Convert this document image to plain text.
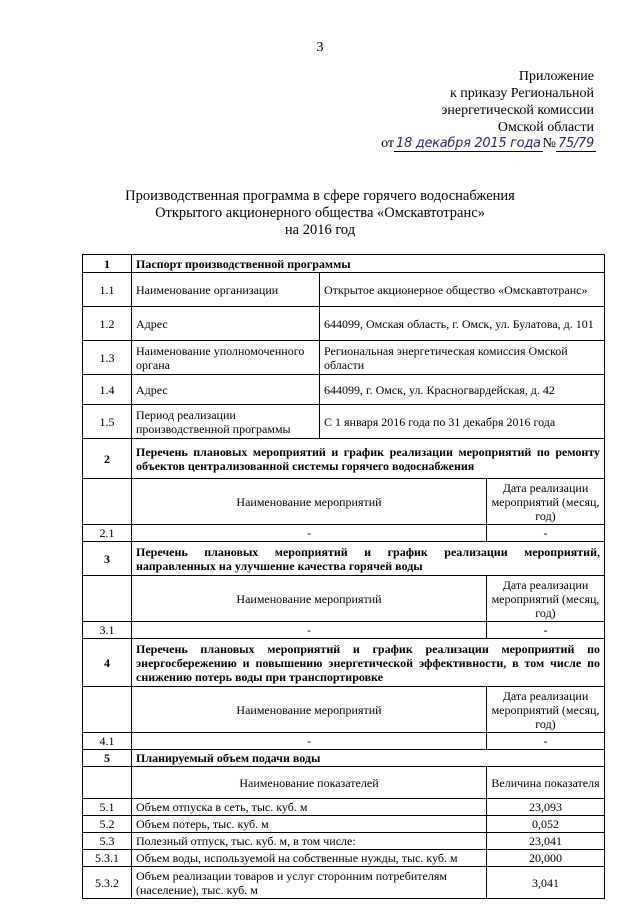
3
Приложение
к приказу Региональной
энергетической комиссии
Омской области
от 18 декабря 2015 года № 75/79
Производственная программа в сфере горячего водоснабжения
Открытого акционерного общества «Омскавтотранс»
на 2016 год
1	Паспорт производственной программы		
1.1	Наименование организации	Открытое акционерное общество «Омскавтотранс»	
1.2	Адрес	644099, Омская область, г. Омск, ул. Булатова, д. 101	
1.3	Наименование уполномоченного органа	Региональная энергетическая комиссия Омской области	
1.4	Адрес	644099, г. Омск, ул. Красногвардейская, д. 42	
1.5	Период реализации производственной программы	С 1 января 2016 года по 31 декабря 2016 года	
2	Перечень плановых мероприятий и график реализации мероприятий по ремонту объектов централизованной системы горячего водоснабжения		
	Наименование мероприятий		Дата реализации мероприятий (месяц, год)
2.1	-		-
3	Перечень плановых мероприятий и график реализации мероприятий, направленных на улучшение качества горячей воды		
	Наименование мероприятий		Дата реализации мероприятий (месяц, год)
3.1	-		-
4	Перечень плановых мероприятий и график реализации мероприятий по энергосбережению и повышению энергетической эффективности, в том числе по снижению потерь воды при транспортировке		
	Наименование мероприятий		Дата реализации мероприятий (месяц, год)
4.1	-		-
5	Планируемый объем подачи воды		
	Наименование показателей		Величина показателя
5.1	Объем отпуска в сеть, тыс. куб. м		23,093
5.2	Объем потерь, тыс. куб. м		0,052
5.3	Полезный отпуск, тыс. куб. м, в том числе:		23,041
5.3.1	Объем воды, используемой на собственные нужды, тыс. куб. м		20,000
5.3.2	Объем реализации товаров и услуг сторонним потребителям (население), тыс. куб. м		3,041
